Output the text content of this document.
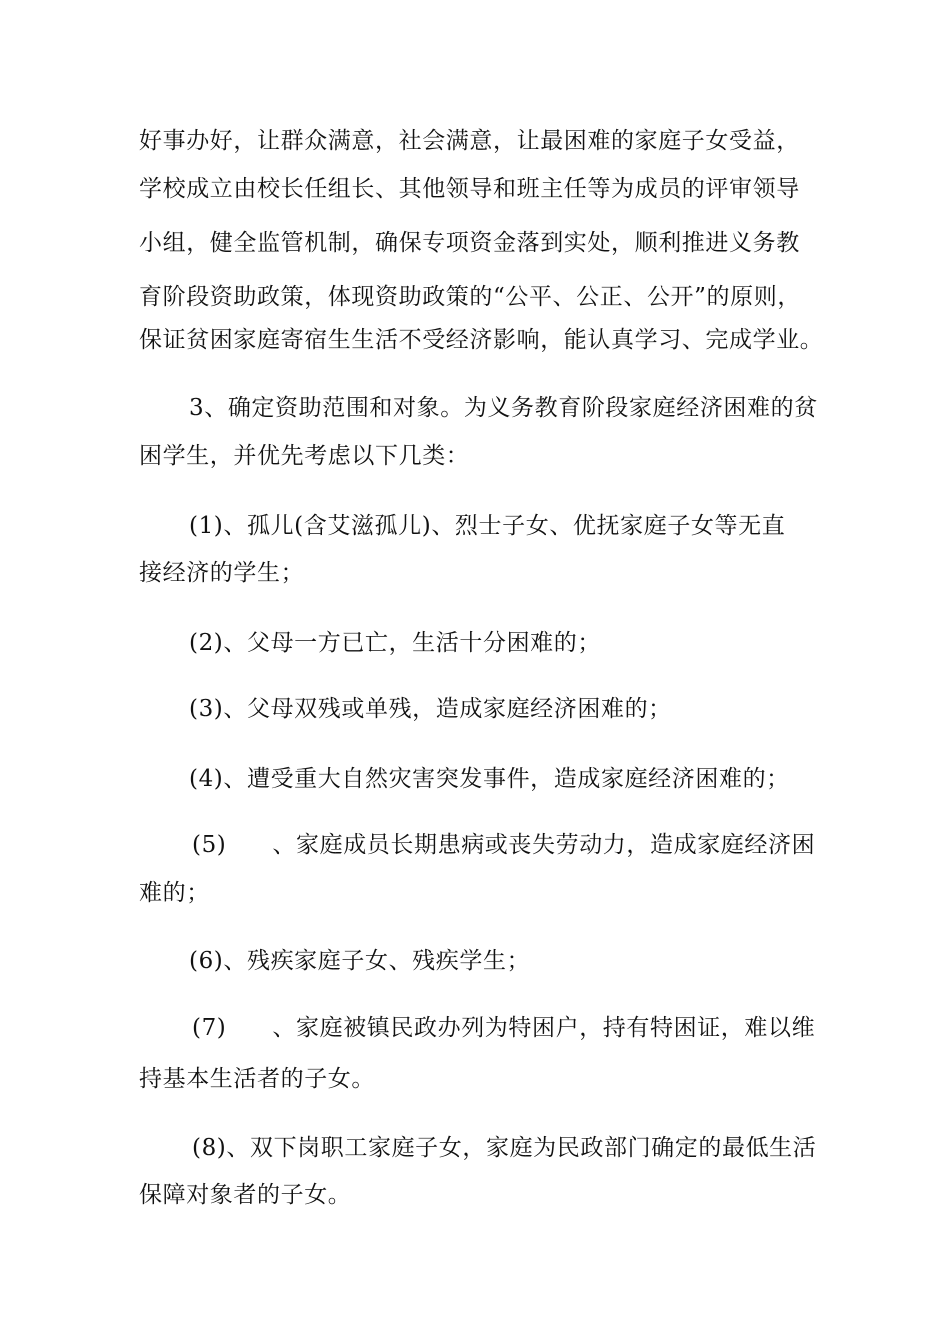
好事办好，让群众满意，社会满意，让最困难的家庭子女受益，
学校成立由校长任组长、其他领导和班主任等为成员的评审领导
小组，健全监管机制，确保专项资金落到实处，顺利推进义务教
育阶段资助政策，体现资助政策的“公平、公正、公开”的原则，
保证贫困家庭寄宿生生活不受经济影响，能认真学习、完成学业。
3、确定资助范围和对象。为义务教育阶段家庭经济困难的贫
困学生，并优先考虑以下几类：
(1)、孤儿(含艾滋孤儿)、烈士子女、优抚家庭子女等无直
接经济的学生；
(2)、父母一方已亡，生活十分困难的；
(3)、父母双残或单残，造成家庭经济困难的；
(4)、遭受重大自然灾害突发事件，造成家庭经济困难的；
(5) 、家庭成员长期患病或丧失劳动力，造成家庭经济困
难的；
(6)、残疾家庭子女、残疾学生；
(7) 、家庭被镇民政办列为特困户，持有特困证，难以维
持基本生活者的子女。
(8)、双下岗职工家庭子女，家庭为民政部门确定的最低生活
保障对象者的子女。
